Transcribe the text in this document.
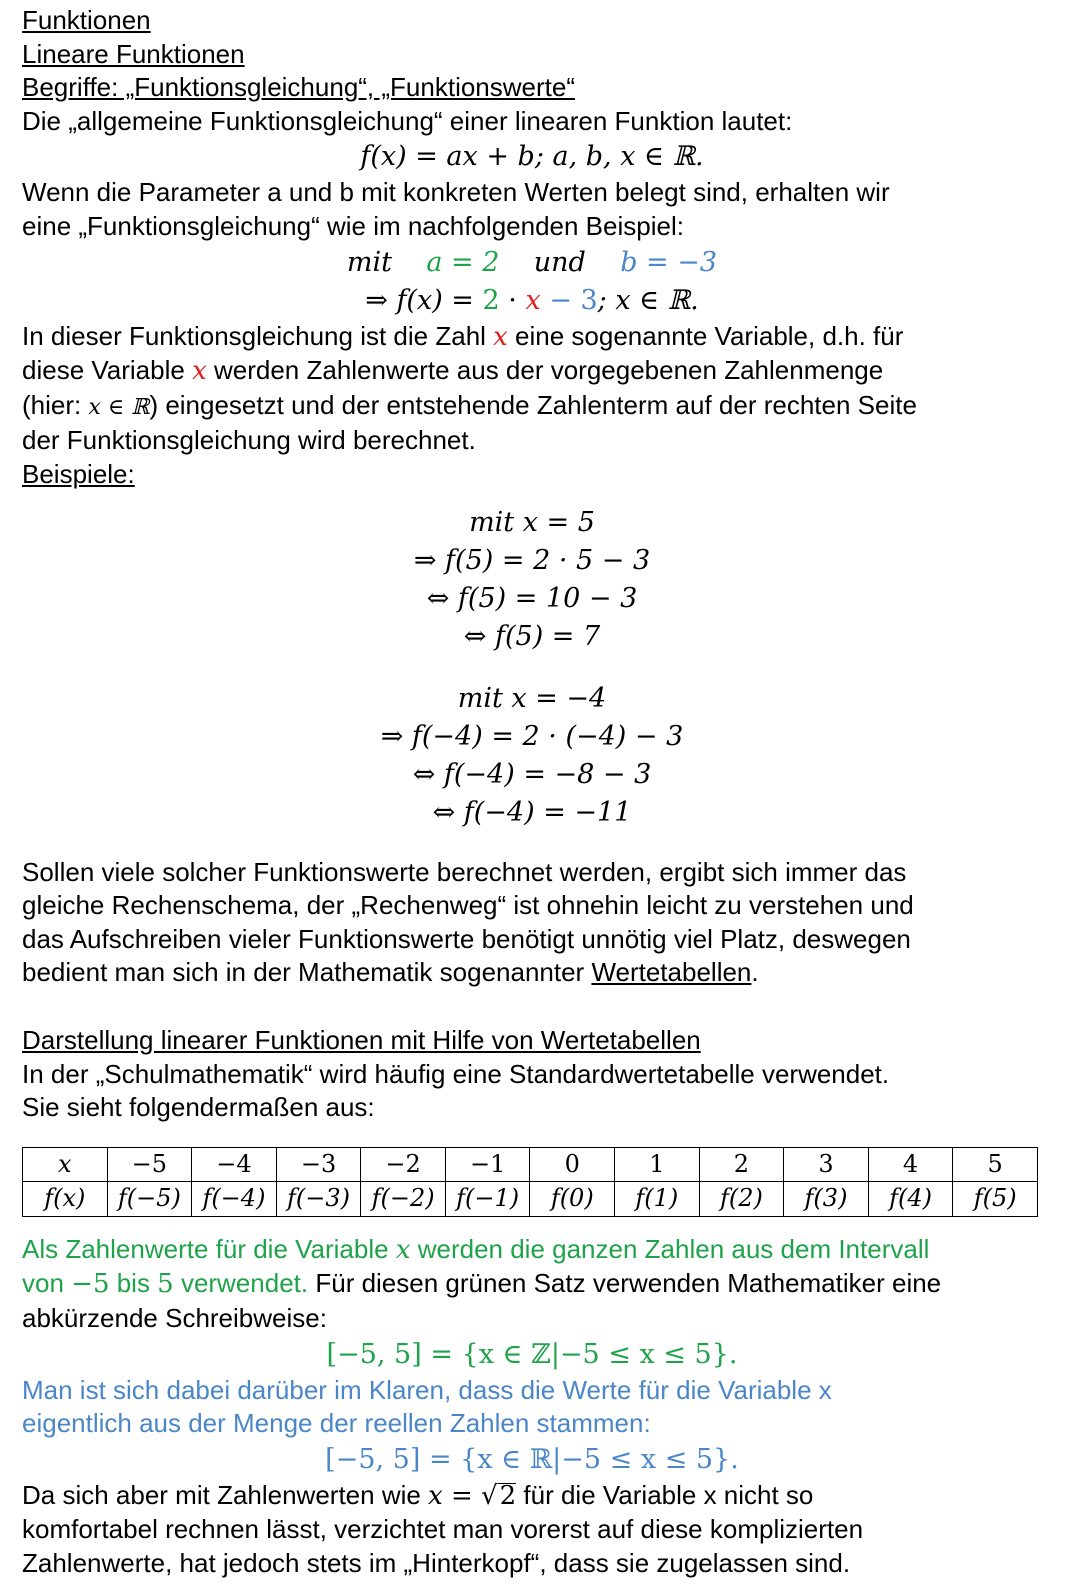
Funktionen

Lineare Funktionen

Begriffe: „Funktionsgleichung“, „Funktionswerte“

Die „allgemeine Funktionsgleichung“ einer linearen Funktion lautet:

f(x) = ax + b; a, b, x ∈ ℝ.

Wenn die Parameter a und b mit konkreten Werten belegt sind, erhalten wir

eine „Funktionsgleichung“ wie im nachfolgenden Beispiel:

mit a = 2 und b = −3
⇒ f(x) = 2 · x − 3; x ∈ ℝ.

In dieser Funktionsgleichung ist die Zahl x eine sogenannte Variable, d.h. für

diese Variable x werden Zahlenwerte aus der vorgegebenen Zahlenmenge

(hier: x ∈ ℝ) eingesetzt und der entstehende Zahlenterm auf der rechten Seite

der Funktionsgleichung wird berechnet.

Beispiele:

mit x = 5
⇒ f(5) = 2 · 5 − 3
⇔ f(5) = 10 − 3
⇔ f(5) = 7
mit x = −4
⇒ f(−4) = 2 · (−4) − 3
⇔ f(−4) = −8 − 3
⇔ f(−4) = −11

Sollen viele solcher Funktionswerte berechnet werden, ergibt sich immer das

gleiche Rechenschema, der „Rechenweg“ ist ohnehin leicht zu verstehen und

das Aufschreiben vieler Funktionswerte benötigt unnötig viel Platz, deswegen

bedient man sich in der Mathematik sogenannter Wertetabellen.

Darstellung linearer Funktionen mit Hilfe von Wertetabellen

In der „Schulmathematik“ wird häufig eine Standardwertetabelle verwendet.

Sie sieht folgendermaßen aus:

x	−5	−4	−3	−2	−1	0	1	2	3	4	5
f(x)	f(−5)	f(−4)	f(−3)	f(−2)	f(−1)	f(0)	f(1)	f(2)	f(3)	f(4)	f(5)

Als Zahlenwerte für die Variable x werden die ganzen Zahlen aus dem Intervall

von −5 bis 5 verwendet. Für diesen grünen Satz verwenden Mathematiker eine

abkürzende Schreibweise:

[−5, 5] = {x ∈ ℤ|−5 ≤ x ≤ 5}.

Man ist sich dabei darüber im Klaren, dass die Werte für die Variable x

eigentlich aus der Menge der reellen Zahlen stammen:

[−5, 5] = {x ∈ ℝ|−5 ≤ x ≤ 5}.

Da sich aber mit Zahlenwerten wie x = √2 für die Variable x nicht so

komfortabel rechnen lässt, verzichtet man vorerst auf diese komplizierten

Zahlenwerte, hat jedoch stets im „Hinterkopf“, dass sie zugelassen sind.
